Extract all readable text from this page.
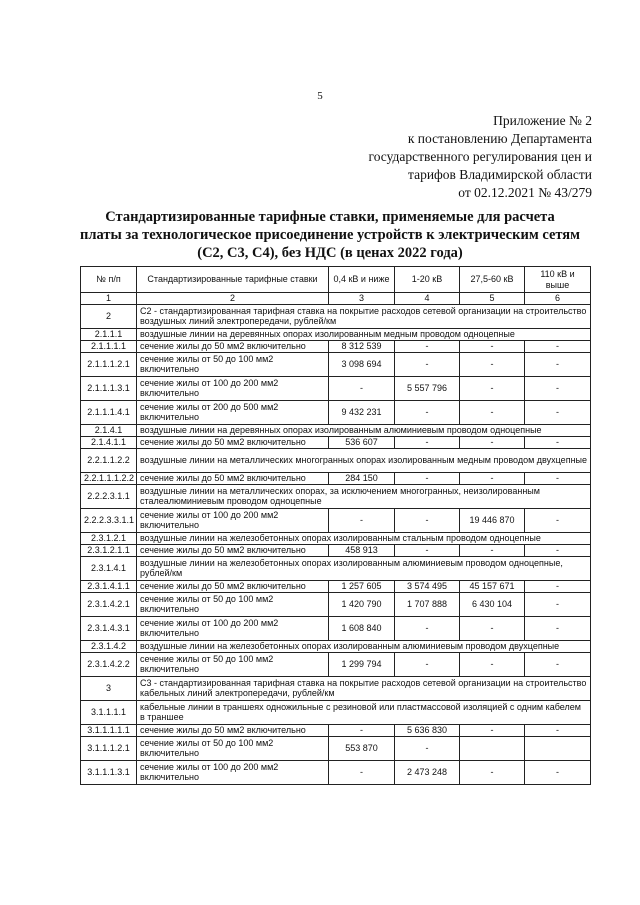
5
Приложение № 2
к постановлению Департамента
государственного регулирования цен и
тарифов Владимирской области
от 02.12.2021 № 43/279
Стандартизированные тарифные ставки, применяемые для расчета
платы за технологическое присоединение устройств к электрическим сетям
(С2, С3, С4), без НДС (в ценах 2022 года)
№ п/п	Стандартизированные тарифные ставки	0,4 кВ и ниже	1-20 кВ	27,5-60 кВ	110 кВ и выше
1	2	3	4	5	6
2	С2 - стандартизированная тарифная ставка на покрытие расходов сетевой организации на строительство воздушных линий электропередачи, рублей/км				
2.1.1.1	воздушные линии на деревянных опорах изолированным медным проводом одноцепные				
2.1.1.1.1	сечение жилы до 50 мм2 включительно	8 312 539	-	-	-
2.1.1.1.2.1	сечение жилы от 50 до 100 мм2 включительно	3 098 694	-	-	-
2.1.1.1.3.1	сечение жилы от 100 до 200 мм2 включительно	-	5 557 796	-	-
2.1.1.1.4.1	сечение жилы от 200 до 500 мм2 включительно	9 432 231	-	-	-
2.1.4.1	воздушные линии на деревянных опорах изолированным алюминиевым проводом одноцепные				
2.1.4.1.1	сечение жилы до 50 мм2 включительно	536 607	-	-	-
2.2.1.1.2.2	воздушные линии на металлических многогранных опорах изолированным медным проводом двухцепные				
2.2.1.1.1.2.2	сечение жилы до 50 мм2 включительно	284 150	-	-	-
2.2.2.3.1.1	воздушные линии на металлических опорах, за исключением многогранных, неизолированным сталеалюминиевым проводом одноцепные				
2.2.2.3.3.1.1	сечение жилы от 100 до 200 мм2 включительно	-	-	19 446 870	-
2.3.1.2.1	воздушные линии на железобетонных опорах изолированным стальным проводом одноцепные				
2.3.1.2.1.1	сечение жилы до 50 мм2 включительно	458 913	-	-	-
2.3.1.4.1	воздушные линии на железобетонных опорах изолированным алюминиевым проводом одноцепные, рублей/км				
2.3.1.4.1.1	сечение жилы до 50 мм2 включительно	1 257 605	3 574 495	45 157 671	-
2.3.1.4.2.1	сечение жилы от 50 до 100 мм2 включительно	1 420 790	1 707 888	6 430 104	-
2.3.1.4.3.1	сечение жилы от 100 до 200 мм2 включительно	1 608 840	-	-	-
2.3.1.4.2	воздушные линии на железобетонных опорах изолированным алюминиевым проводом двухцепные				
2.3.1.4.2.2	сечение жилы от 50 до 100 мм2 включительно	1 299 794	-	-	-
3	С3 - стандартизированная тарифная ставка на покрытие расходов сетевой организации на строительство кабельных линий электропередачи, рублей/км				
3.1.1.1.1	кабельные линии в траншеях одножильные с резиновой или пластмассовой изоляцией с одним кабелем в траншее				
3.1.1.1.1.1	сечение жилы до 50 мм2 включительно	-	5 636 830	-	-
3.1.1.1.2.1	сечение жилы от 50 до 100 мм2 включительно	553 870	-		
3.1.1.1.3.1	сечение жилы от 100 до 200 мм2 включительно	-	2 473 248	-	-
